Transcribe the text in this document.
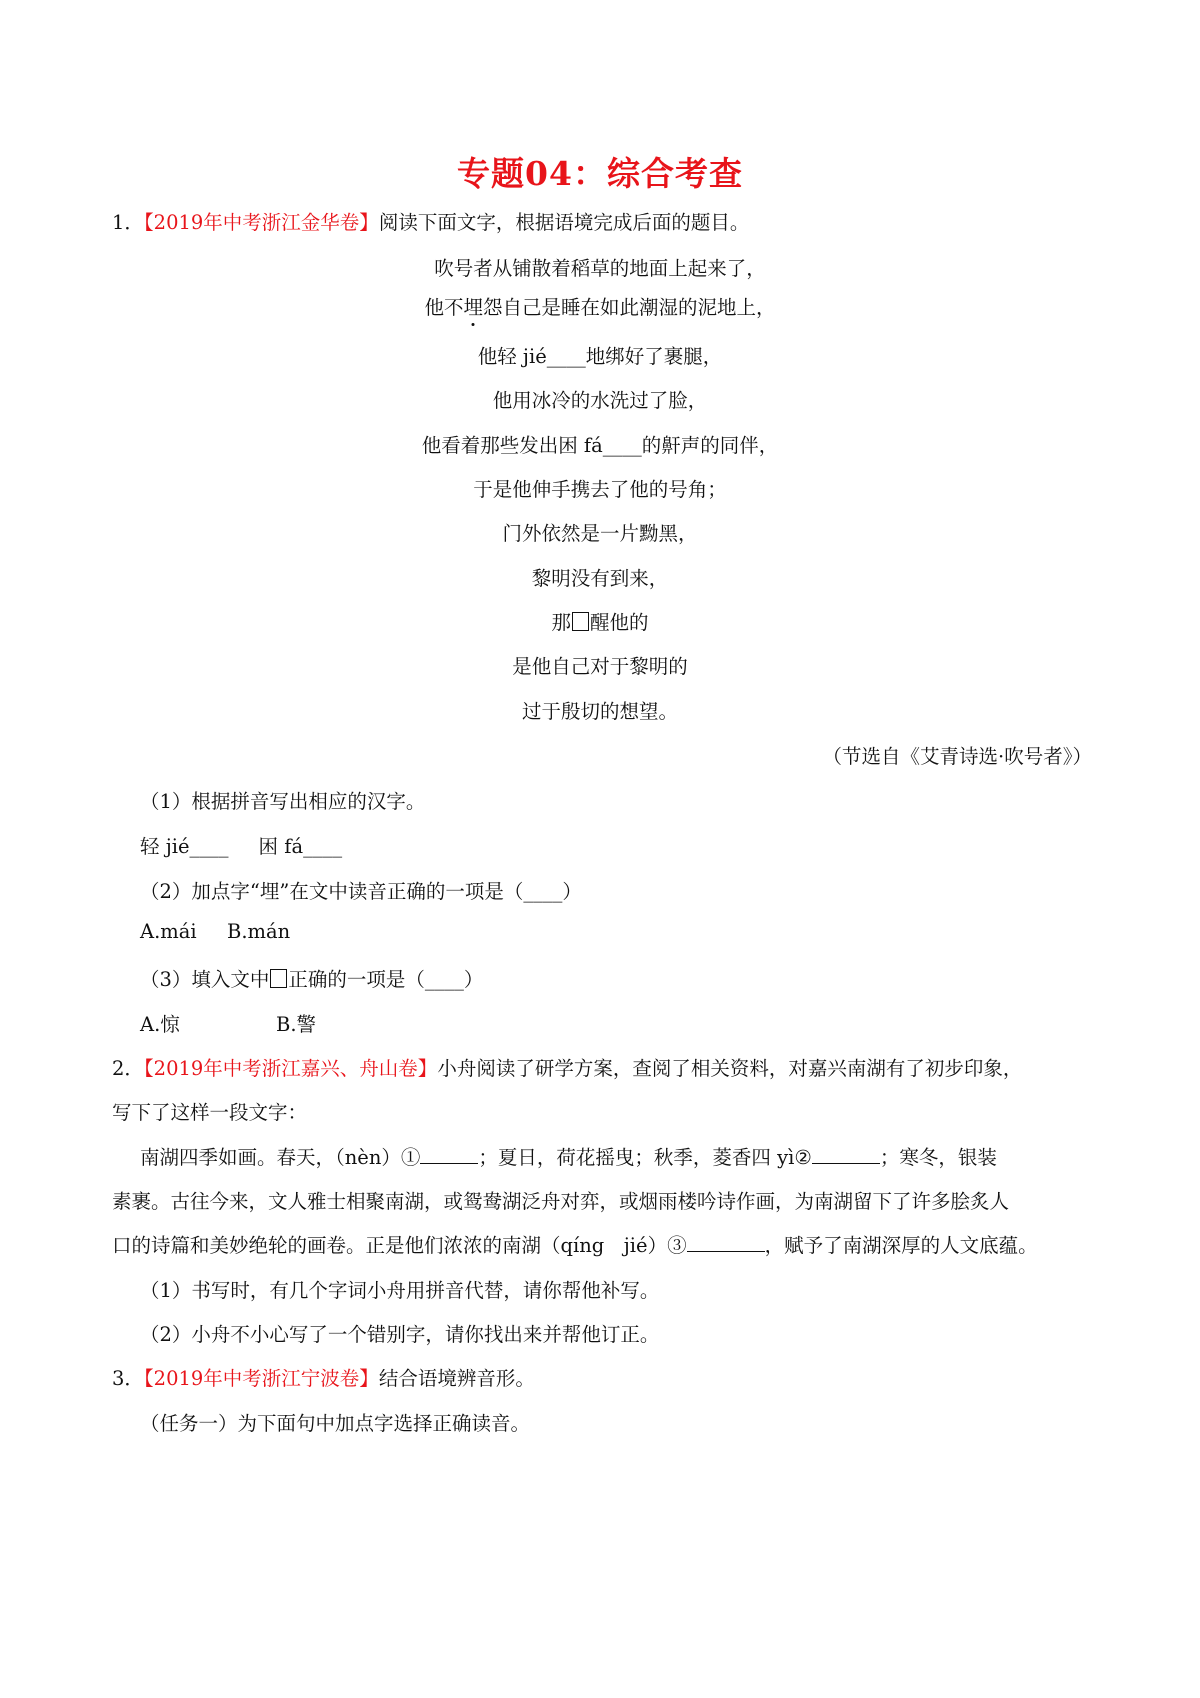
专题04：综合考查
1．【2019年中考浙江金华卷】阅读下面文字，根据语境完成后面的题目。
吹号者从铺散着稻草的地面上起来了，
他不埋怨自己是睡在如此潮湿的泥地上，
他轻 jié____地绑好了裹腿，
他用冰冷的水洗过了脸，
他看着那些发出困 fá____的鼾声的同伴，
于是他伸手携去了他的号角；
门外依然是一片黝黑，
黎明没有到来，
那 醒他的
是他自己对于黎明的
过于殷切的想望。
（节选自《艾青诗选·吹号者》）
（1）根据拼音写出相应的汉字。
轻 jié____ 困 fá____
（2）加点字“埋”在文中读音正确的一项是（____）
A.mái B.mán
（3）填入文中 正确的一项是（____）
A.惊	B.警
2．【2019年中考浙江嘉兴、舟山卷】小舟阅读了研学方案，查阅了相关资料，对嘉兴南湖有了初步印象，
写下了这样一段文字：
南湖四季如画。春天，（nèn）①	；夏日，荷花摇曳；秋季，菱香四 yì②	；寒冬，银装
素裹。古往今来，文人雅士相聚南湖，或鸳鸯湖泛舟对弈，或烟雨楼吟诗作画，为南湖留下了许多脍炙人
口的诗篇和美妙绝轮的画卷。正是他们浓浓的南湖（qíng　jié）③	，赋予了南湖深厚的人文底蕴。
（1）书写时，有几个字词小舟用拼音代替，请你帮他补写。
（2）小舟不小心写了一个错别字，请你找出来并帮他订正。
3．【2019年中考浙江宁波卷】结合语境辨音形。
（任务一）为下面句中加点字选择正确读音。
